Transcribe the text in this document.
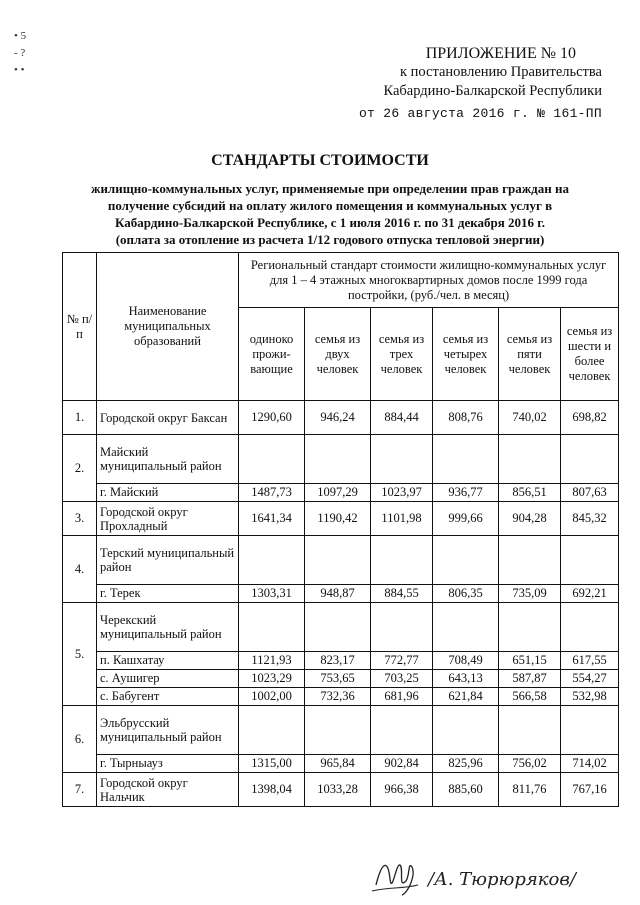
• 5
- ?
• •
ПРИЛОЖЕНИЕ № 10
к постановлению Правительства
Кабардино-Балкарской Республики
от 26 августа 2016 г. № 161-ПП
СТАНДАРТЫ СТОИМОСТИ
жилищно-коммунальных услуг, применяемые при определении прав граждан на
получение субсидий на оплату жилого помещения и коммунальных услуг в
Кабардино-Балкарской Республике, с 1 июля 2016 г. по 31 декабря 2016 г.
(оплата за отопление из расчета 1/12 годового отпуска тепловой энергии)
№ п/п	Наименование муниципальных образований	Региональный стандарт стоимости жилищно-коммунальных услуг для 1 – 4 этажных многоквартирных домов после 1999 года постройки, (руб./чел. в месяц)					
		одиноко прожи- вающие	семья из двух человек	семья из трех человек	семья из четырех человек	семья из пяти человек	семья из шести и более человек
1.	Городской округ Баксан	1290,60	946,24	884,44	808,76	740,02	698,82
2.	Майский муниципальный район						
	г. Майский	1487,73	1097,29	1023,97	936,77	856,51	807,63
3.	Городской округ Прохладный	1641,34	1190,42	1101,98	999,66	904,28	845,32
4.	Терский муниципальный район						
	г. Терек	1303,31	948,87	884,55	806,35	735,09	692,21
5.	Черекский муниципальный район						
	п. Кашхатау	1121,93	823,17	772,77	708,49	651,15	617,55
	с. Аушигер	1023,29	753,65	703,25	643,13	587,87	554,27
	с. Бабугент	1002,00	732,36	681,96	621,84	566,58	532,98
6.	Эльбрусский муниципальный район						
	г. Тырныауз	1315,00	965,84	902,84	825,96	756,02	714,02
7.	Городской округ Нальчик	1398,04	1033,28	966,38	885,60	811,76	767,16
/А. Тюрюряков/
